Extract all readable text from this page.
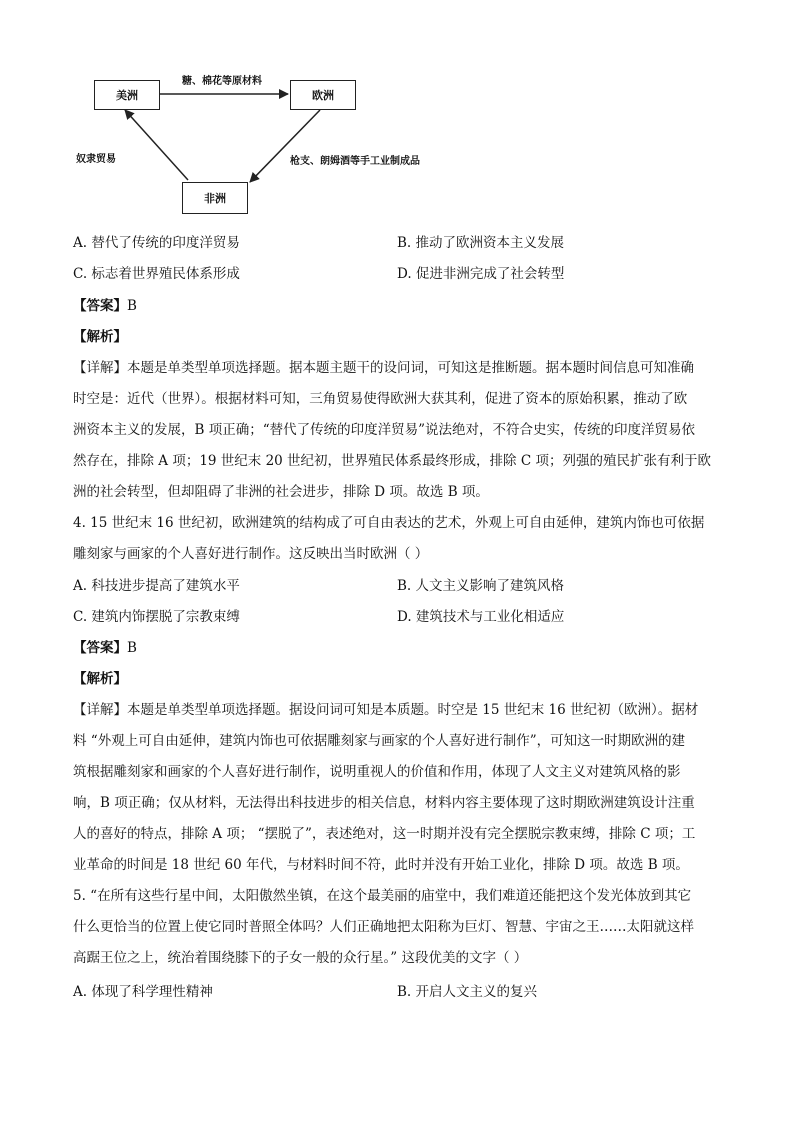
美洲	欧洲
非洲
糖、棉花等原材料
奴隶贸易	枪支、朗姆酒等手工业制成品
A. 替代了传统的印度洋贸易	B. 推动了欧洲资本主义发展
C. 标志着世界殖民体系形成	D. 促进非洲完成了社会转型
【答案】B
【解析】
【详解】本题是单类型单项选择题。据本题主题干的设问词，可知这是推断题。据本题时间信息可知准确
时空是：近代（世界）。根据材料可知，三角贸易使得欧洲大获其利，促进了资本的原始积累，推动了欧
洲资本主义的发展，B 项正确；“替代了传统的印度洋贸易”说法绝对，不符合史实，传统的印度洋贸易依
然存在，排除 A 项；19 世纪末 20 世纪初，世界殖民体系最终形成，排除 C 项；列强的殖民扩张有利于欧
洲的社会转型，但却阻碍了非洲的社会进步，排除 D 项。故选 B 项。
4. 15 世纪末 16 世纪初，欧洲建筑的结构成了可自由表达的艺术，外观上可自由延伸，建筑内饰也可依据
雕刻家与画家的个人喜好进行制作。这反映出当时欧洲（ ）
A. 科技进步提高了建筑水平	B. 人文主义影响了建筑风格
C. 建筑内饰摆脱了宗教束缚	D. 建筑技术与工业化相适应
【答案】B
【解析】
【详解】本题是单类型单项选择题。据设问词可知是本质题。时空是 15 世纪末 16 世纪初（欧洲）。据材
料 “外观上可自由延伸，建筑内饰也可依据雕刻家与画家的个人喜好进行制作”，可知这一时期欧洲的建
筑根据雕刻家和画家的个人喜好进行制作，说明重视人的价值和作用，体现了人文主义对建筑风格的影
响，B 项正确；仅从材料，无法得出科技进步的相关信息，材料内容主要体现了这时期欧洲建筑设计注重
人的喜好的特点，排除 A 项； “摆脱了”，表述绝对，这一时期并没有完全摆脱宗教束缚，排除 C 项；工
业革命的时间是 18 世纪 60 年代，与材料时间不符，此时并没有开始工业化，排除 D 项。故选 B 项。
5. “在所有这些行星中间，太阳傲然坐镇，在这个最美丽的庙堂中，我们难道还能把这个发光体放到其它
什么更恰当的位置上使它同时普照全体吗？人们正确地把太阳称为巨灯、智慧、宇宙之王……太阳就这样
高踞王位之上，统治着围绕膝下的子女一般的众行星。” 这段优美的文字（ ）
A. 体现了科学理性精神	B. 开启人文主义的复兴
